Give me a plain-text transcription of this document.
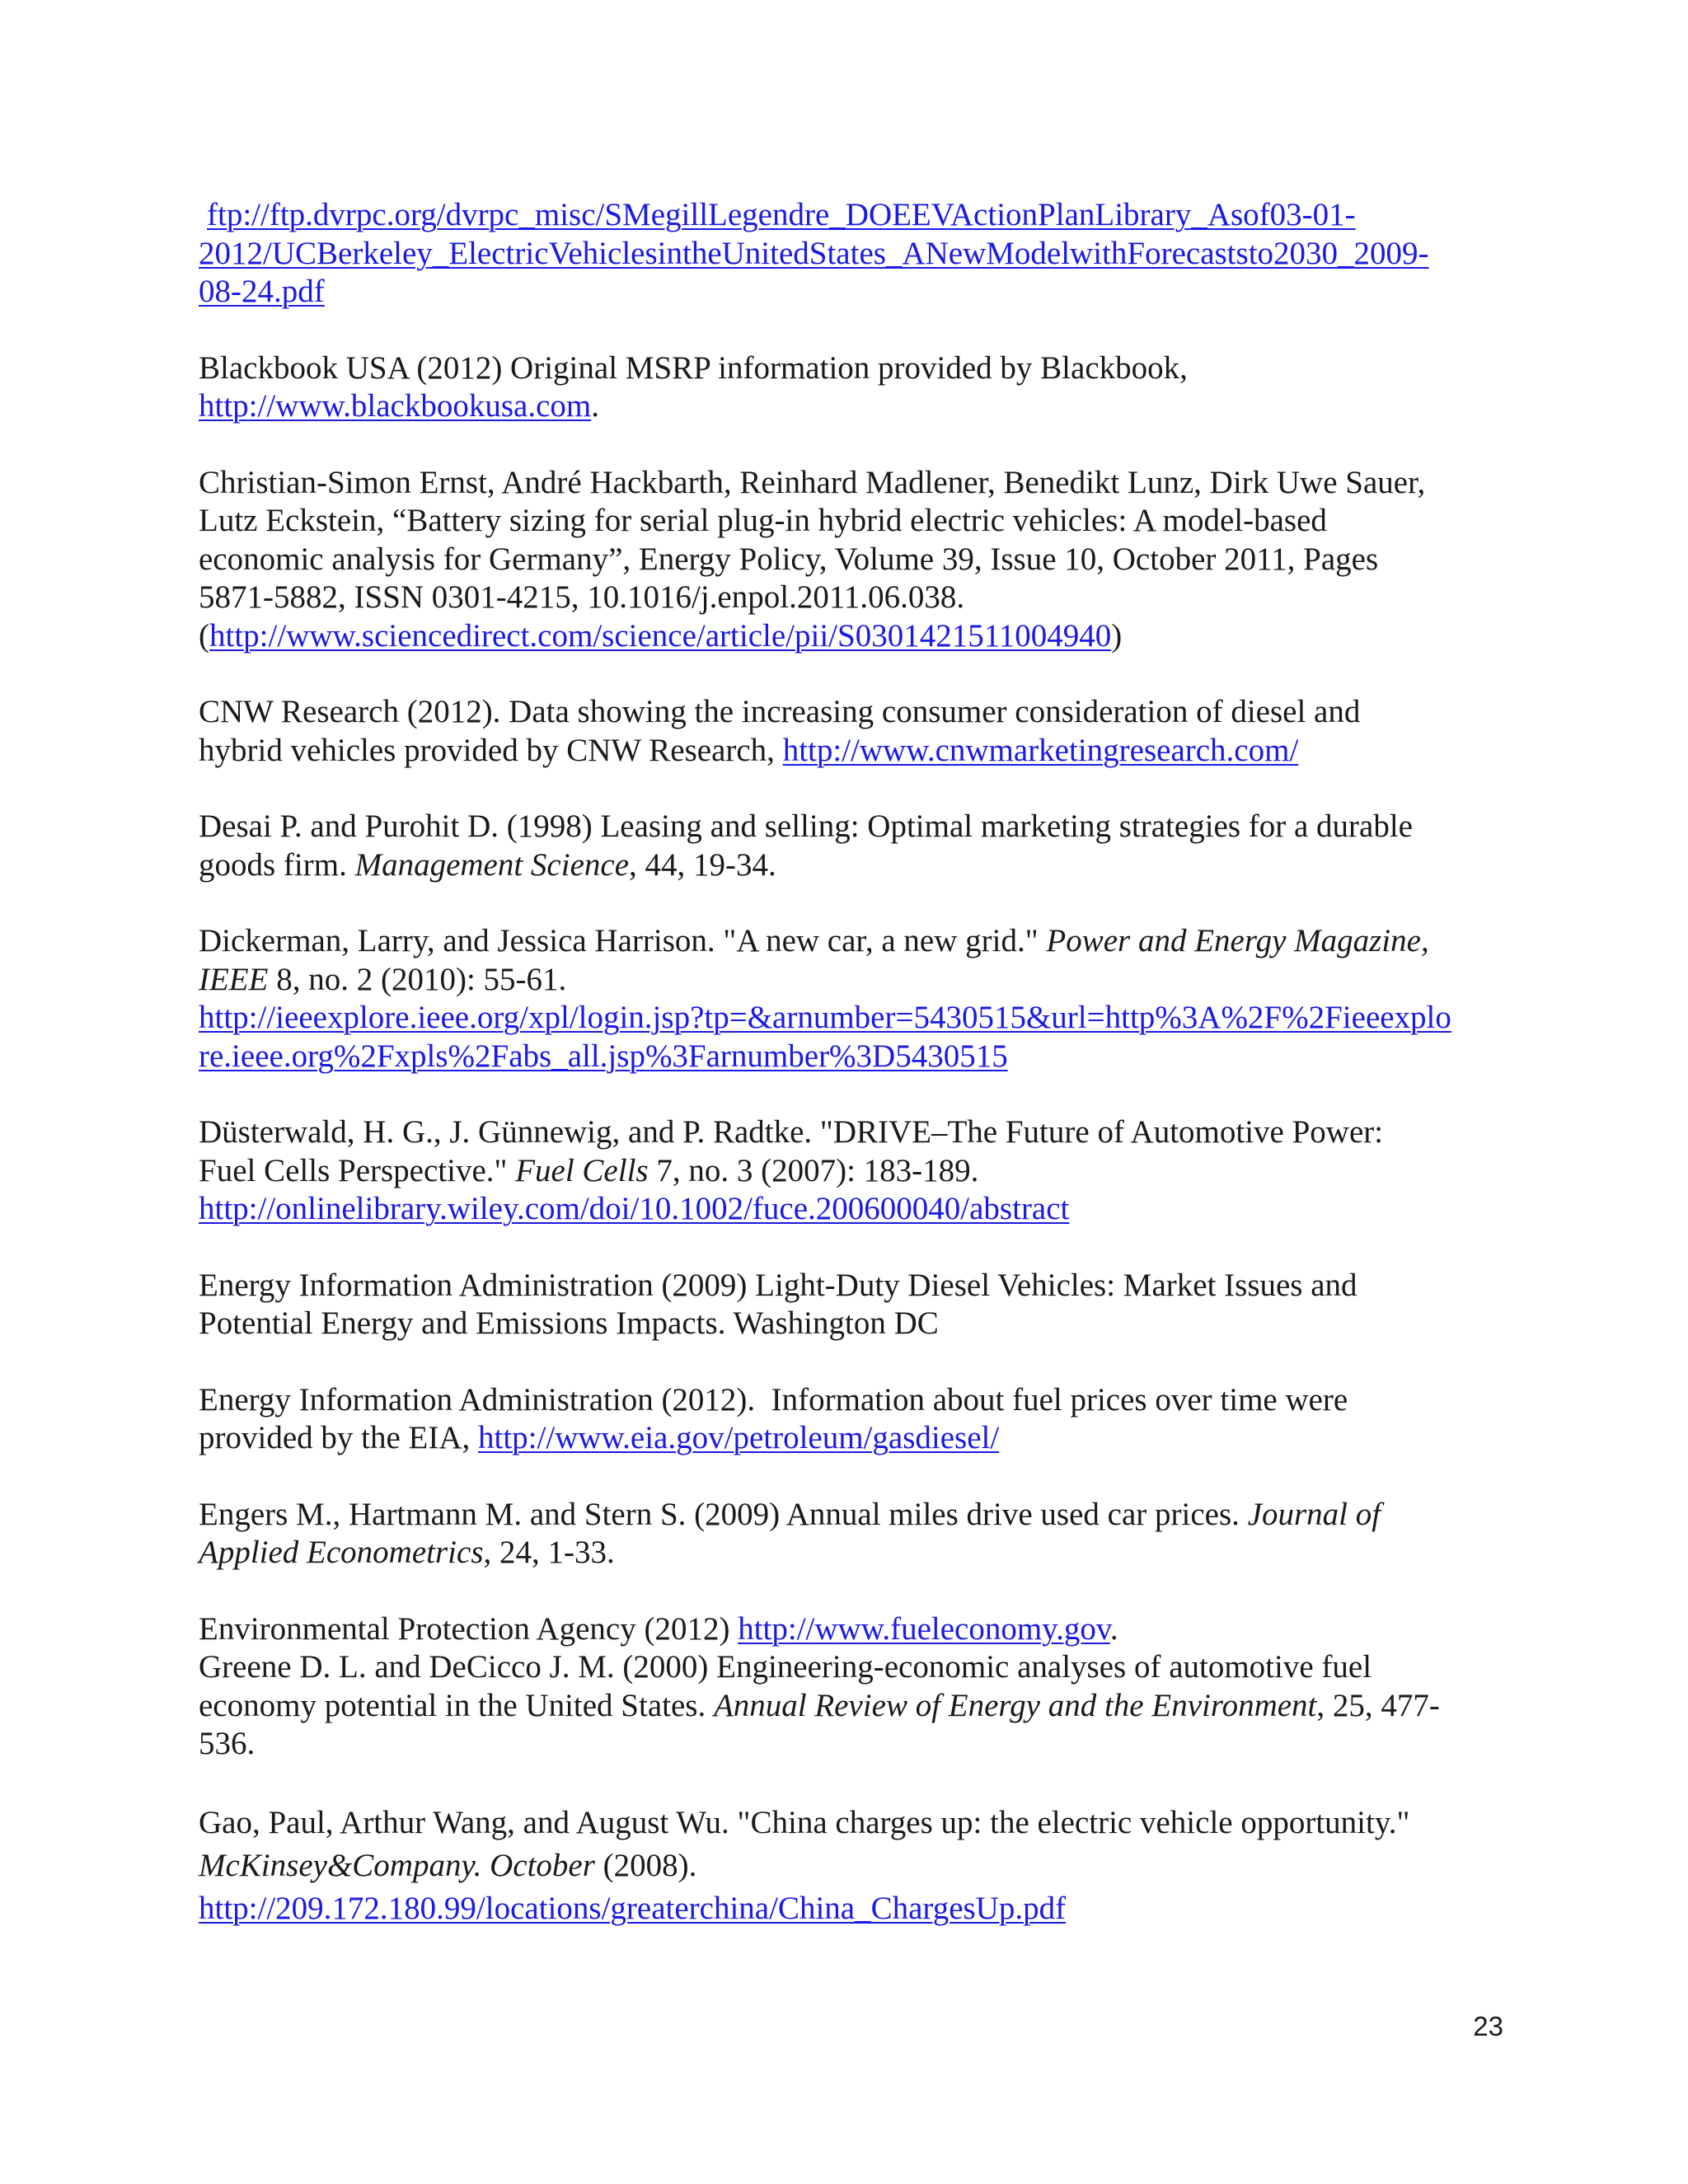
ftp://ftp.dvrpc.org/dvrpc_misc/SMegillLegendre_DOEEVActionPlanLibrary_Asof03-01-
2012/UCBerkeley_ElectricVehiclesintheUnitedStates_ANewModelwithForecaststo2030_2009-
08-24.pdf
Blackbook USA (2012) Original MSRP information provided by Blackbook,
http://www.blackbookusa.com.
Christian-Simon Ernst, André Hackbarth, Reinhard Madlener, Benedikt Lunz, Dirk Uwe Sauer,
Lutz Eckstein, “Battery sizing for serial plug-in hybrid electric vehicles: A model-based
economic analysis for Germany”, Energy Policy, Volume 39, Issue 10, October 2011, Pages
5871-5882, ISSN 0301-4215, 10.1016/j.enpol.2011.06.038.
(http://www.sciencedirect.com/science/article/pii/S0301421511004940)
CNW Research (2012). Data showing the increasing consumer consideration of diesel and
hybrid vehicles provided by CNW Research, http://www.cnwmarketingresearch.com/
Desai P. and Purohit D. (1998) Leasing and selling: Optimal marketing strategies for a durable
goods firm. Management Science, 44, 19-34.
Dickerman, Larry, and Jessica Harrison. "A new car, a new grid." Power and Energy Magazine,
IEEE 8, no. 2 (2010): 55-61.
http://ieeexplore.ieee.org/xpl/login.jsp?tp=&arnumber=5430515&url=http%3A%2F%2Fieeexplo
re.ieee.org%2Fxpls%2Fabs_all.jsp%3Farnumber%3D5430515
Düsterwald, H. G., J. Günnewig, and P. Radtke. "DRIVE–The Future of Automotive Power:
Fuel Cells Perspective." Fuel Cells 7, no. 3 (2007): 183-189.
http://onlinelibrary.wiley.com/doi/10.1002/fuce.200600040/abstract
Energy Information Administration (2009) Light-Duty Diesel Vehicles: Market Issues and
Potential Energy and Emissions Impacts. Washington DC
Energy Information Administration (2012).  Information about fuel prices over time were
provided by the EIA, http://www.eia.gov/petroleum/gasdiesel/
Engers M., Hartmann M. and Stern S. (2009) Annual miles drive used car prices. Journal of
Applied Econometrics, 24, 1-33.
Environmental Protection Agency (2012) http://www.fueleconomy.gov.
Greene D. L. and DeCicco J. M. (2000) Engineering-economic analyses of automotive fuel
economy potential in the United States. Annual Review of Energy and the Environment, 25, 477-
536.
Gao, Paul, Arthur Wang, and August Wu. "China charges up: the electric vehicle opportunity."
McKinsey&Company. October (2008).
http://209.172.180.99/locations/greaterchina/China_ChargesUp.pdf
23
